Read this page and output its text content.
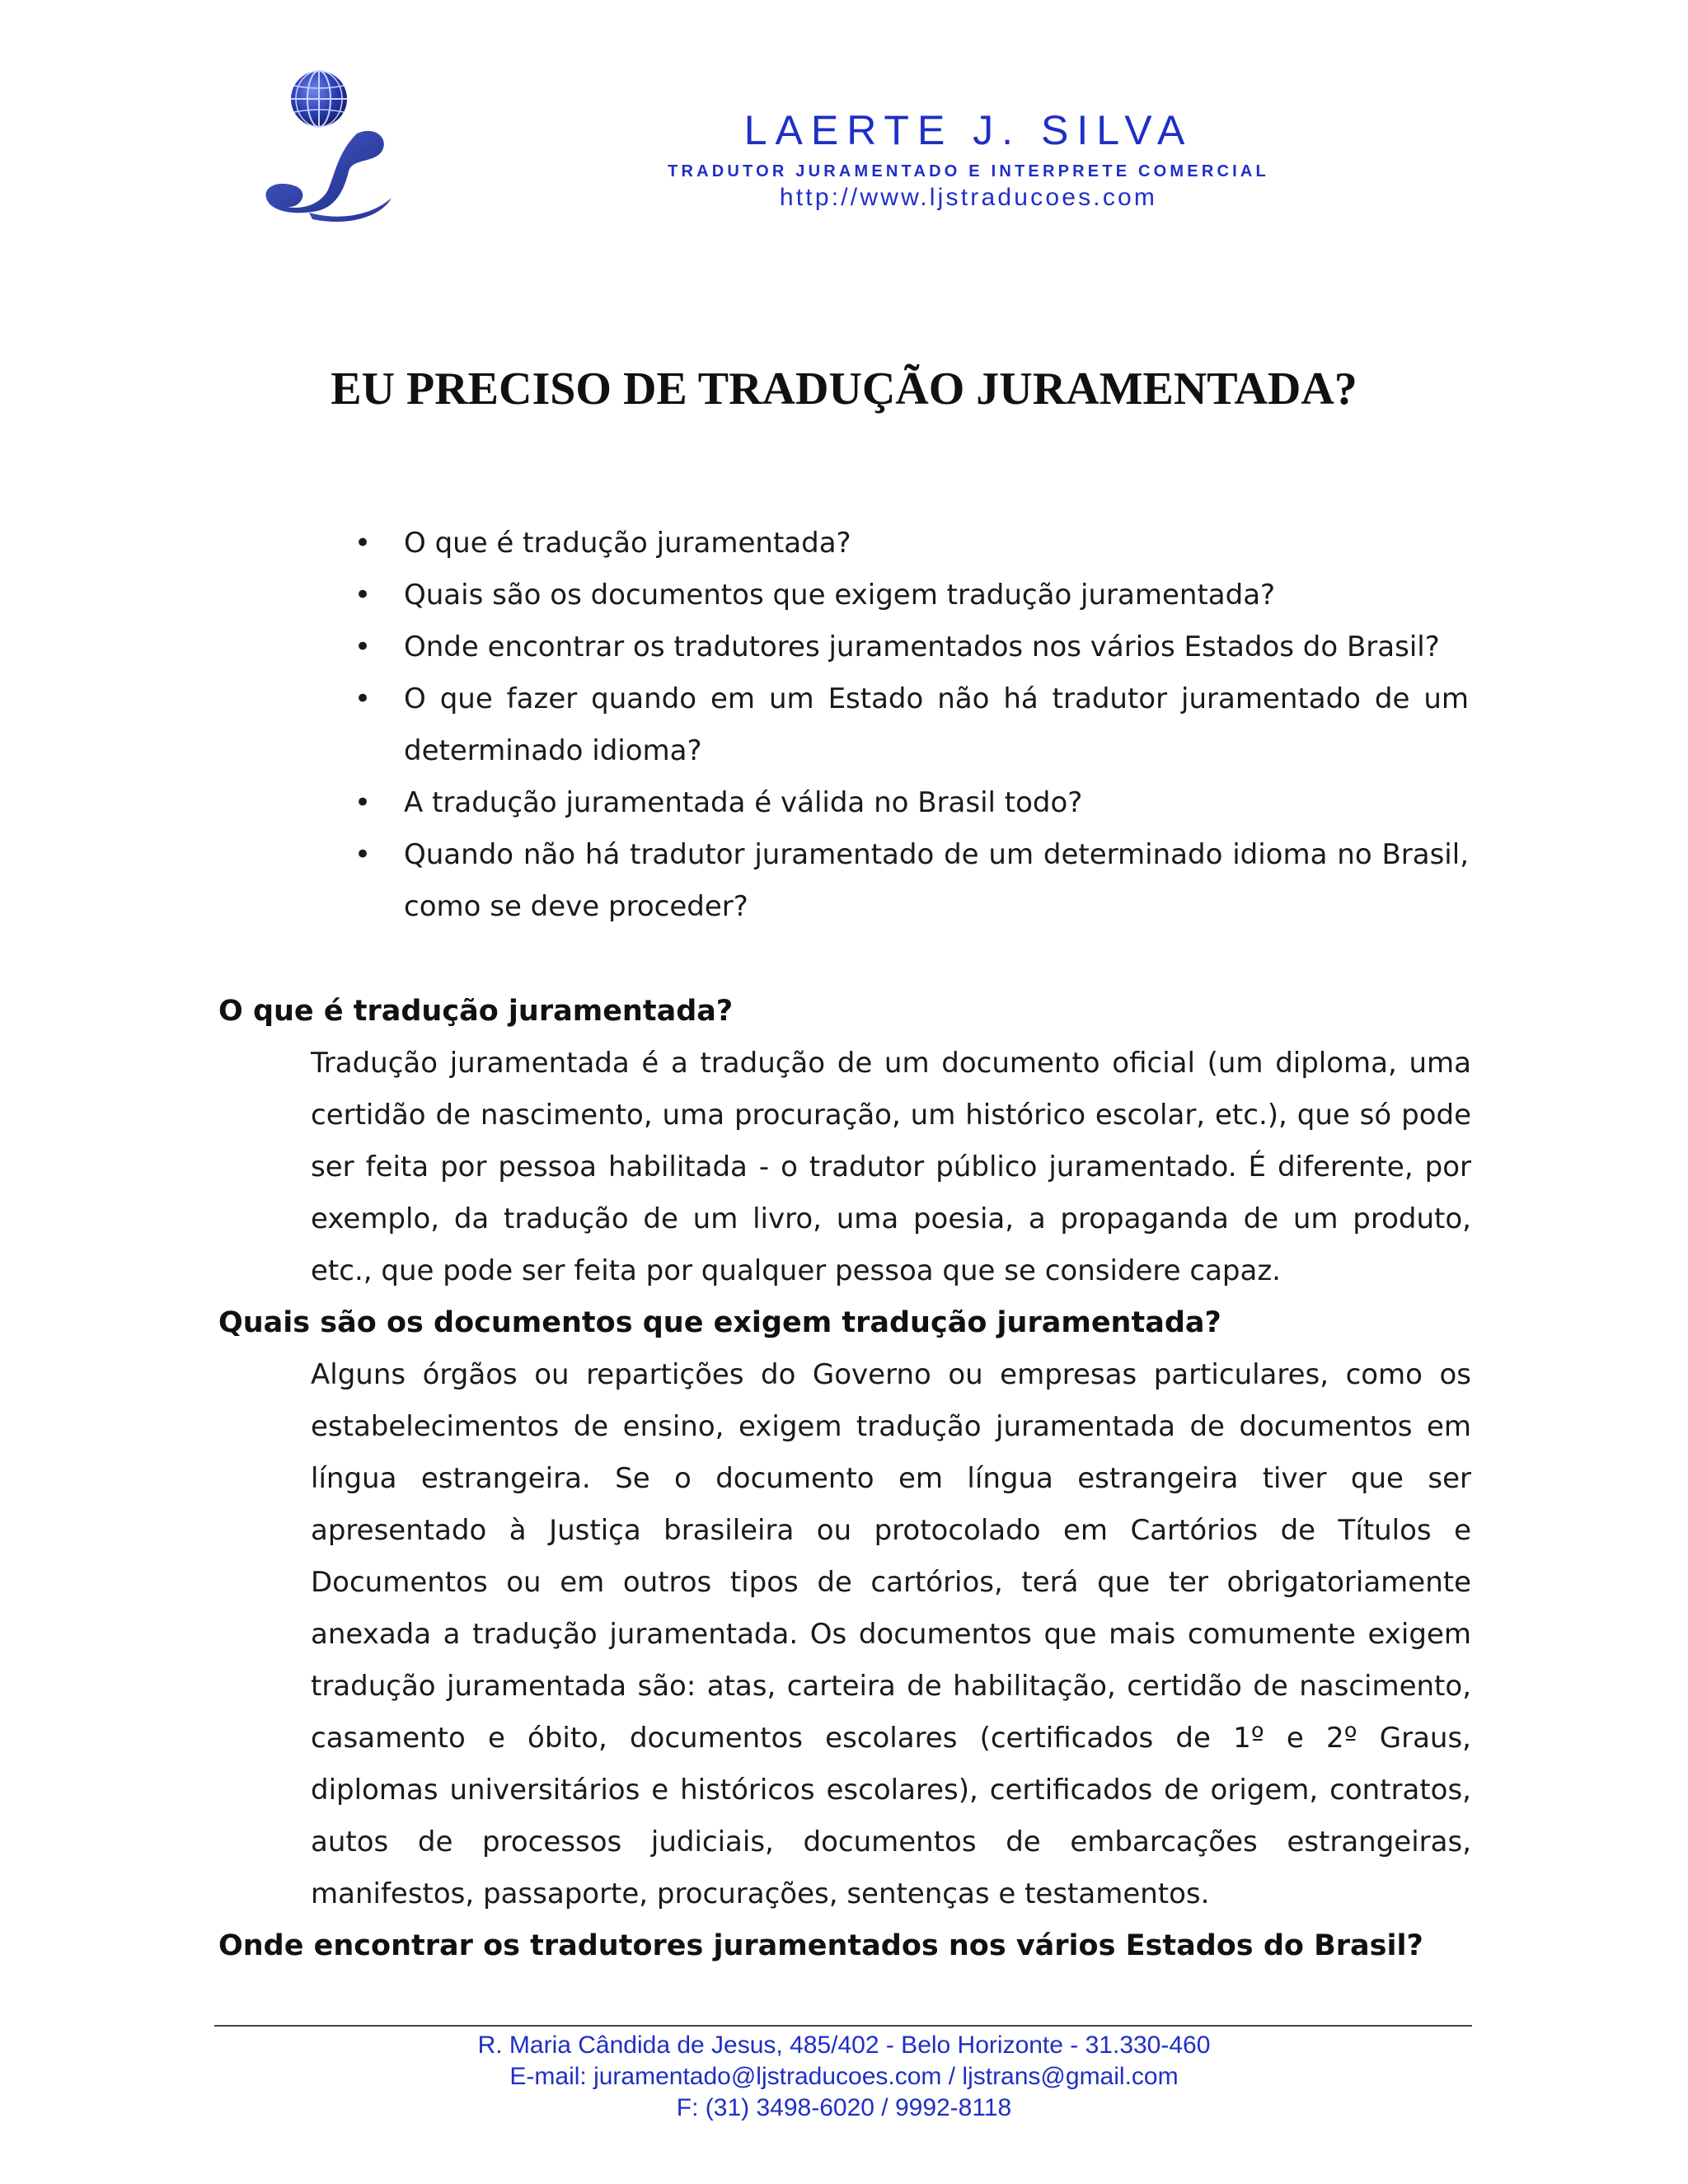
LAERTE J. SILVA
TRADUTOR JURAMENTADO E INTERPRETE COMERCIAL
http://www.ljstraducoes.com
EU PRECISO DE TRADUÇÃO JURAMENTADA?
• O que é tradução juramentada?
• Quais são os documentos que exigem tradução juramentada?
• Onde encontrar os tradutores juramentados nos vários Estados do Brasil?
• O que fazer quando em um Estado não há tradutor juramentado de um determinado idioma?
• A tradução juramentada é válida no Brasil todo?
• Quando não há tradutor juramentado de um determinado idioma no Brasil, como se deve proceder?

O que é tradução juramentada?

Tradução juramentada é a tradução de um documento oficial (um diploma, uma certidão de nascimento, uma procuração, um histórico escolar, etc.), que só pode ser feita por pessoa habilitada - o tradutor público juramentado. É diferente, por exemplo, da tradução de um livro, uma poesia, a propaganda de um produto, etc., que pode ser feita por qualquer pessoa que se considere capaz.

Quais são os documentos que exigem tradução juramentada?

Alguns órgãos ou repartições do Governo ou empresas particulares, como os estabelecimentos de ensino, exigem tradução juramentada de documentos em língua estrangeira. Se o documento em língua estrangeira tiver que ser apresentado à Justiça brasileira ou protocolado em Cartórios de Títulos e Documentos ou em outros tipos de cartórios, terá que ter obrigatoriamente anexada a tradução juramentada. Os documentos que mais comumente exigem tradução juramentada são: atas, carteira de habilitação, certidão de nascimento, casamento e óbito, documentos escolares (certificados de 1º e 2º Graus, diplomas universitários e históricos escolares), certificados de origem, contratos, autos de processos judiciais, documentos de embarcações estrangeiras, manifestos, passaporte, procurações, sentenças e testamentos.

Onde encontrar os tradutores juramentados nos vários Estados do Brasil?

R. Maria Cândida de Jesus, 485/402 - Belo Horizonte - 31.330-460
E-mail: juramentado@ljstraducoes.com / ljstrans@gmail.com
F: (31) 3498-6020 / 9992-8118
